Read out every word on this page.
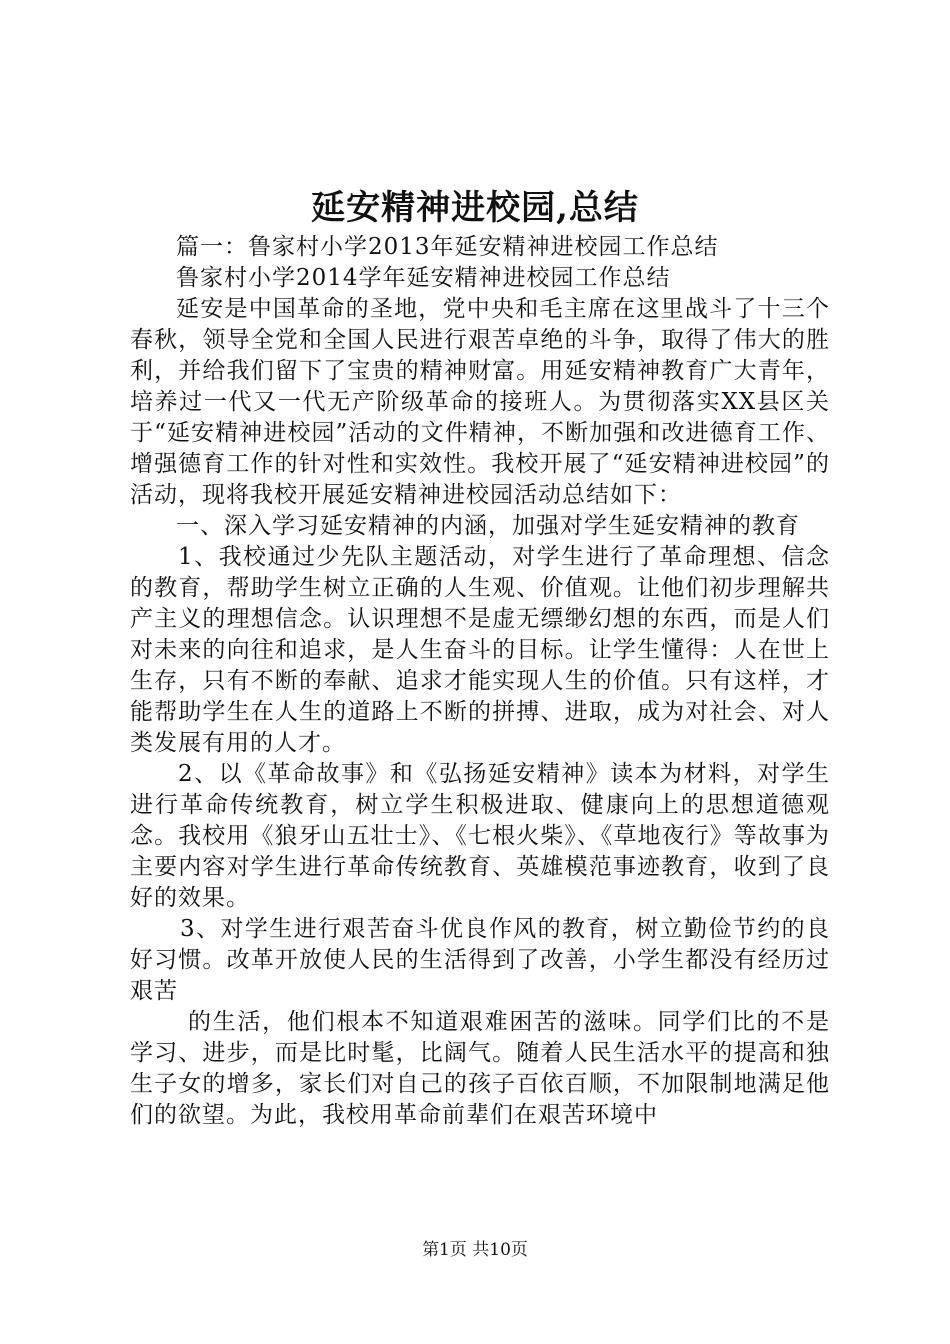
延安精神进校园,总结

篇一：鲁家村小学2013年延安精神进校园工作总结

鲁家村小学2014学年延安精神进校园工作总结

延安是中国革命的圣地，党中央和毛主席在这里战斗了十三个春秋，领导全党和全国人民进行艰苦卓绝的斗争，取得了伟大的胜利，并给我们留下了宝贵的精神财富。用延安精神教育广大青年，培养过一代又一代无产阶级革命的接班人。为贯彻落实XX县区关于“延安精神进校园”活动的文件精神，不断加强和改进德育工作、增强德育工作的针对性和实效性。我校开展了“延安精神进校园”的活动，现将我校开展延安精神进校园活动总结如下：

一、深入学习延安精神的内涵，加强对学生延安精神的教育

1、我校通过少先队主题活动，对学生进行了革命理想、信念的教育，帮助学生树立正确的人生观、价值观。让他们初步理解共产主义的理想信念。认识理想不是虚无缥缈幻想的东西，而是人们对未来的向往和追求，是人生奋斗的目标。让学生懂得：人在世上生存，只有不断的奉献、追求才能实现人生的价值。只有这样，才能帮助学生在人生的道路上不断的拼搏、进取，成为对社会、对人类发展有用的人才。

2、以《革命故事》和《弘扬延安精神》读本为材料，对学生进行革命传统教育，树立学生积极进取、健康向上的思想道德观念。我校用《狼牙山五壮士》、《七根火柴》、《草地夜行》等故事为主要内容对学生进行革命传统教育、英雄模范事迹教育，收到了良好的效果。

3、对学生进行艰苦奋斗优良作风的教育，树立勤俭节约的良好习惯。改革开放使人民的生活得到了改善，小学生都没有经历过艰苦

的生活，他们根本不知道艰难困苦的滋味。同学们比的不是学习、进步，而是比时髦，比阔气。随着人民生活水平的提高和独生子女的增多，家长们对自己的孩子百依百顺，不加限制地满足他们的欲望。为此，我校用革命前辈们在艰苦环境中

第1页 共10页
